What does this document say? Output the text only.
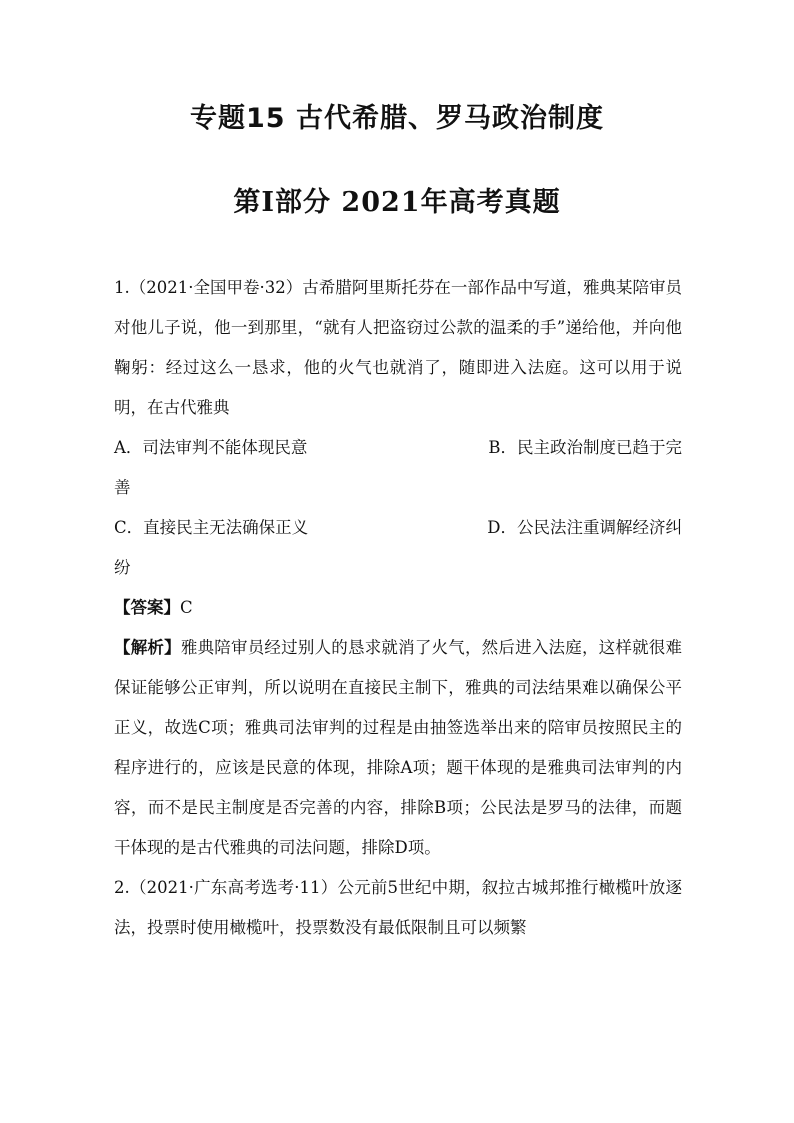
专题15 古代希腊、罗马政治制度
第Ⅰ部分 2021年高考真题
1.（2021·全国甲卷·32）古希腊阿里斯托芬在一部作品中写道，雅典某陪审员对他儿子说，他一到那里，“就有人把盗窃过公款的温柔的手”递给他，并向他鞠躬：经过这么一恳求，他的火气也就消了，随即进入法庭。这可以用于说明，在古代雅典
A．司法审判不能体现民意	B．民主政治制度已趋于完
善
C．直接民主无法确保正义	D．公民法注重调解经济纠
纷
【答案】C
【解析】雅典陪审员经过别人的恳求就消了火气，然后进入法庭，这样就很难保证能够公正审判，所以说明在直接民主制下，雅典的司法结果难以确保公平正义，故选C项；雅典司法审判的过程是由抽签选举出来的陪审员按照民主的程序进行的，应该是民意的体现，排除A项；题干体现的是雅典司法审判的内容，而不是民主制度是否完善的内容，排除B项；公民法是罗马的法律，而题干体现的是古代雅典的司法问题，排除D项。
2.（2021·广东高考选考·11）公元前5世纪中期，叙拉古城邦推行橄榄叶放逐法，投票时使用橄榄叶，投票数没有最低限制且可以频繁
